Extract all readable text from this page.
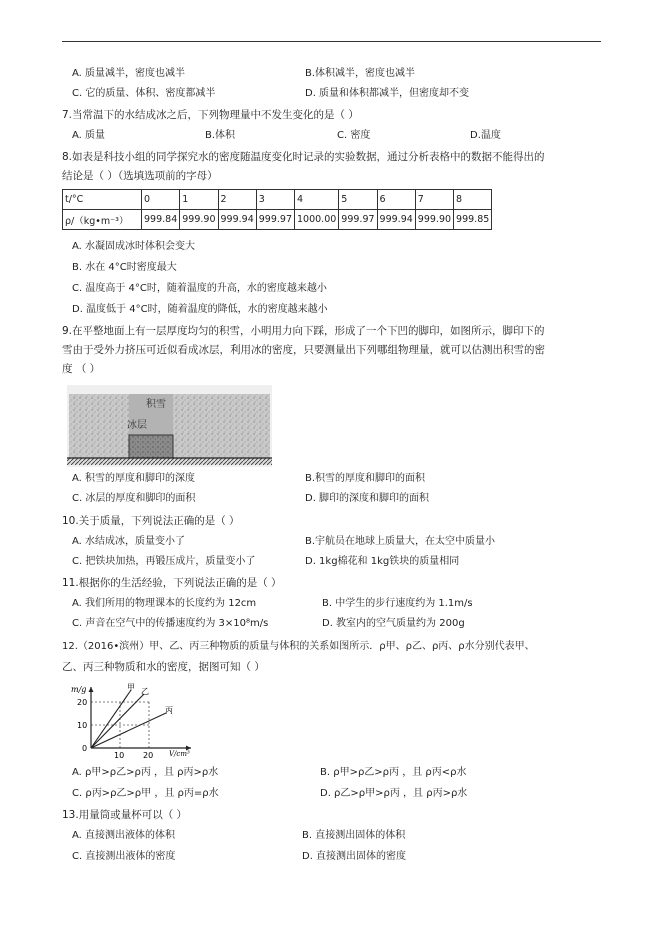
A. 质量减半，密度也减半	B.体积减半，密度也减半
C. 它的质量、体积、密度都减半	D. 质量和体积都减半，但密度却不变
7.当常温下的水结成冰之后，下列物理量中不发生变化的是（ ）
A. 质量	B.体积	C. 密度	D.温度
8.如表是科技小组的同学探究水的密度随温度变化时记录的实验数据，通过分析表格中的数据不能得出的
结论是（ ）（选填选项前的字母）
t/°C	0	1	2	3	4	5	6	7	8
ρ/（kg•m⁻³）	999.84	999.90	999.94	999.97	1000.00	999.97	999.94	999.90	999.85
A. 水凝固成冰时体积会变大
B. 水在 4°C时密度最大
C. 温度高于 4°C时，随着温度的升高，水的密度越来越小
D. 温度低于 4°C时，随着温度的降低，水的密度越来越小
9.在平整地面上有一层厚度均匀的积雪，小明用力向下踩，形成了一个下凹的脚印，如图所示，脚印下的
雪由于受外力挤压可近似看成冰层，利用冰的密度，只要测量出下列哪组物理量，就可以估测出积雪的密
度 （ ）
积雪
冰层
A. 积雪的厚度和脚印的深度	B.积雪的厚度和脚印的面积
C. 冰层的厚度和脚印的面积	D. 脚印的深度和脚印的面积
10.关于质量，下列说法正确的是（ ）
A. 水结成冰，质量变小了	B.宇航员在地球上质量大，在太空中质量小
C. 把铁块加热，再锻压成片，质量变小了	D. 1kg棉花和 1kg铁块的质量相同
11.根据你的生活经验，下列说法正确的是（ ）
A. 我们所用的物理课本的长度约为 12cm	B. 中学生的步行速度约为 1.1m/s
C. 声音在空气中的传播速度约为 3×10⁸m/s	D. 教室内的空气质量约为 200g
12.（2016•滨州）甲、乙、丙三种物质的质量与体积的关系如图所示．ρ甲、ρ乙、ρ丙、ρ水分别代表甲、
乙、丙三种物质和水的密度，据图可知（ ）
m/g
V/cm³
20
10
0
10 20
甲 乙
丙
A. ρ甲>ρ乙>ρ丙 ，且 ρ丙>ρ水	B. ρ甲>ρ乙>ρ丙 ，且 ρ丙<ρ水
C. ρ丙>ρ乙>ρ甲 ，且 ρ丙=ρ水	D. ρ乙>ρ甲>ρ丙 ，且 ρ丙>ρ水
13.用量筒或量杯可以（ ）
A. 直接测出液体的体积	B. 直接测出固体的体积
C. 直接测出液体的密度	D. 直接测出固体的密度
